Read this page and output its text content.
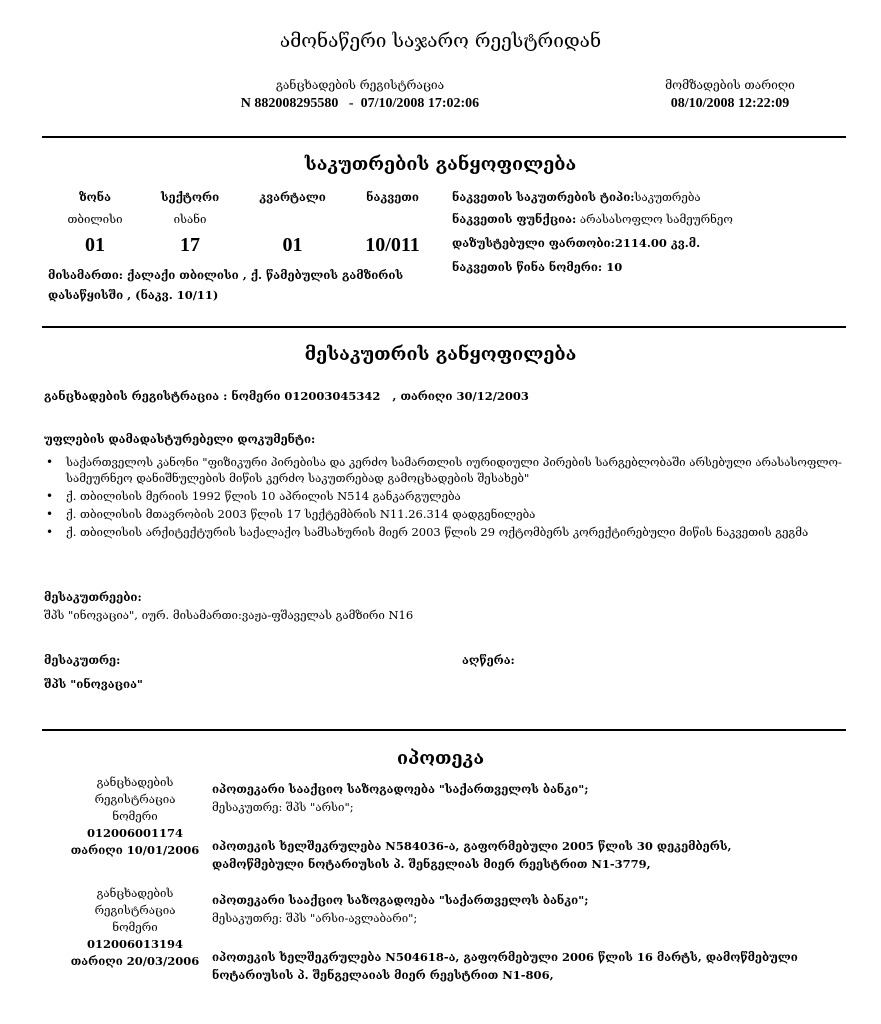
ამონაწერი საჯარო რეესტრიდან
განცხადების რეგისტრაცია
N 882008295580   -  07/10/2008 17:02:06
მომზადების თარიღი
08/10/2008 12:22:09
საკუთრების განყოფილება
ზონა
თბილისი
01
სექტორი
ისანი
17
კვარტალი
01
ნაკვეთი
10/011
მისამართი: ქალაქი თბილისი , ქ. წამებულის გამზირის
დასაწყისში , (ნაკვ. 10/11)
ნაკვეთის საკუთრების ტიპი:საკუთრება
ნაკვეთის ფუნქცია: არასასოფლო სამეურნეო
დაზუსტებული ფართობი:2114.00 კვ.მ.
ნაკვეთის წინა ნომერი: 10
მესაკუთრის განყოფილება
განცხადების რეგისტრაცია : ნომერი 012003045342   , თარიღი 30/12/2003
უფლების დამადასტურებელი დოკუმენტი:
• საქართველოს კანონი "ფიზიკური პირებისა და კერძო სამართლის იურიდიული პირების სარგებლობაში არსებული არასასოფლო-სამეურნეო დანიშნულების მიწის კერძო საკუთრებად გამოცხადების შესახებ"
• ქ. თბილისის მერიის 1992 წლის 10 აპრილის N514 განკარგულება
• ქ. თბილისის მთავრობის 2003 წლის 17 სექტემბრის N11.26.314 დადგენილება
• ქ. თბილისის არქიტექტურის საქალაქო სამსახურის მიერ 2003 წლის 29 ოქტომბერს კორექტირებული მიწის ნაკვეთის გეგმა
მესაკუთრეები:
შპს "ინოვაცია", იურ. მისამართი:ვაჟა-ფშაველას გამზირი N16
მესაკუთრე:
შპს "ინოვაცია"
აღწერა:
იპოთეკა
განცხადების
რეგისტრაცია
ნომერი
012006001174
თარიღი 10/01/2006
იპოთეკარი სააქციო საზოგადოება "საქართველოს ბანკი";
მესაკუთრე: შპს "არსი";
იპოთეკის ხელშეკრულება N584036-ა, გაფორმებული 2005 წლის 30 დეკემბერს,
დამოწმებული ნოტარიუსის პ. შენგელიას მიერ რეესტრით N1-3779,
განცხადების
რეგისტრაცია
ნომერი
012006013194
თარიღი 20/03/2006
იპოთეკარი სააქციო საზოგადოება "საქართველოს ბანკი";
მესაკუთრე: შპს "არსი-ავლაბარი";
იპოთეკის ხელშეკრულება N504618-ა, გაფორმებული 2006 წლის 16 მარტს, დამოწმებული
ნოტარიუსის პ. შენგელაიას მიერ რეესტრით N1-806,
